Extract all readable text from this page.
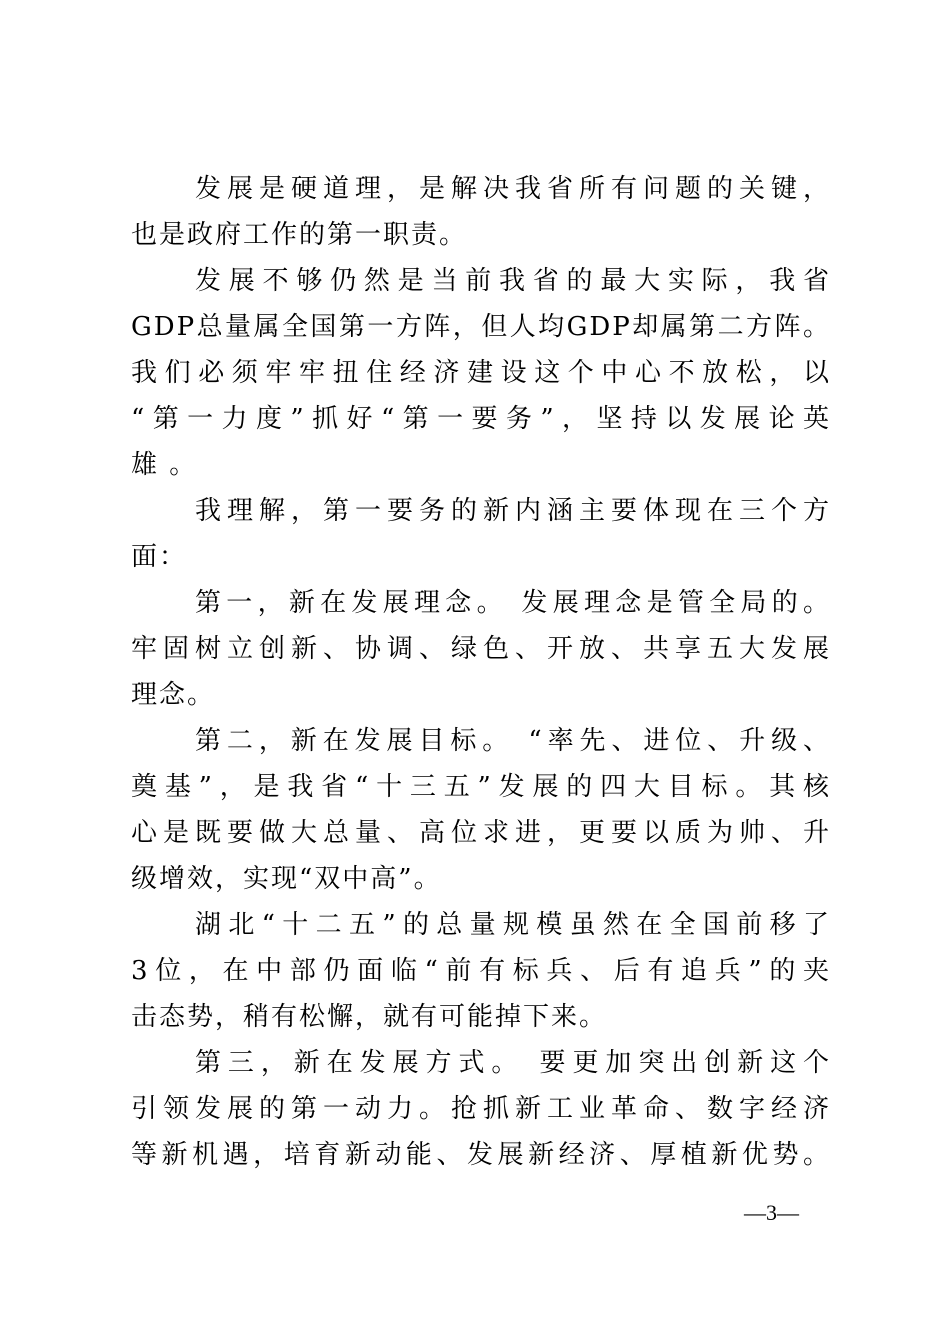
发展是硬道理，是解决我省所有问题的关键，
也是政府工作的第一职责。
发展不够仍然是当前我省的最大实际，我省
GDP总量属全国第一方阵，但人均GDP却属第二方阵。
我们必须牢牢扭住经济建设这个中心不放松，以
“第一力度”抓好“第一要务”，坚持以发展论英
雄 。
我理解，第一要务的新内涵主要体现在三个方
面：
第一，新在发展理念。 发展理念是管全局的。
牢固树立创新、协调、绿色、开放、共享五大发展
理念。
第二，新在发展目标。 “率先、进位、升级、
奠基”，是我省“十三五”发展的四大目标。其核
心是既要做大总量、高位求进，更要以质为帅、升
级增效，实现“双中高”。
湖北“十二五”的总量规模虽然在全国前移了
3位，在中部仍面临“前有标兵、后有追兵”的夹
击态势，稍有松懈，就有可能掉下来。
第三，新在发展方式。 要更加突出创新这个
引领发展的第一动力。抢抓新工业革命、数字经济
等新机遇，培育新动能、发展新经济、厚植新优势。
—3—
